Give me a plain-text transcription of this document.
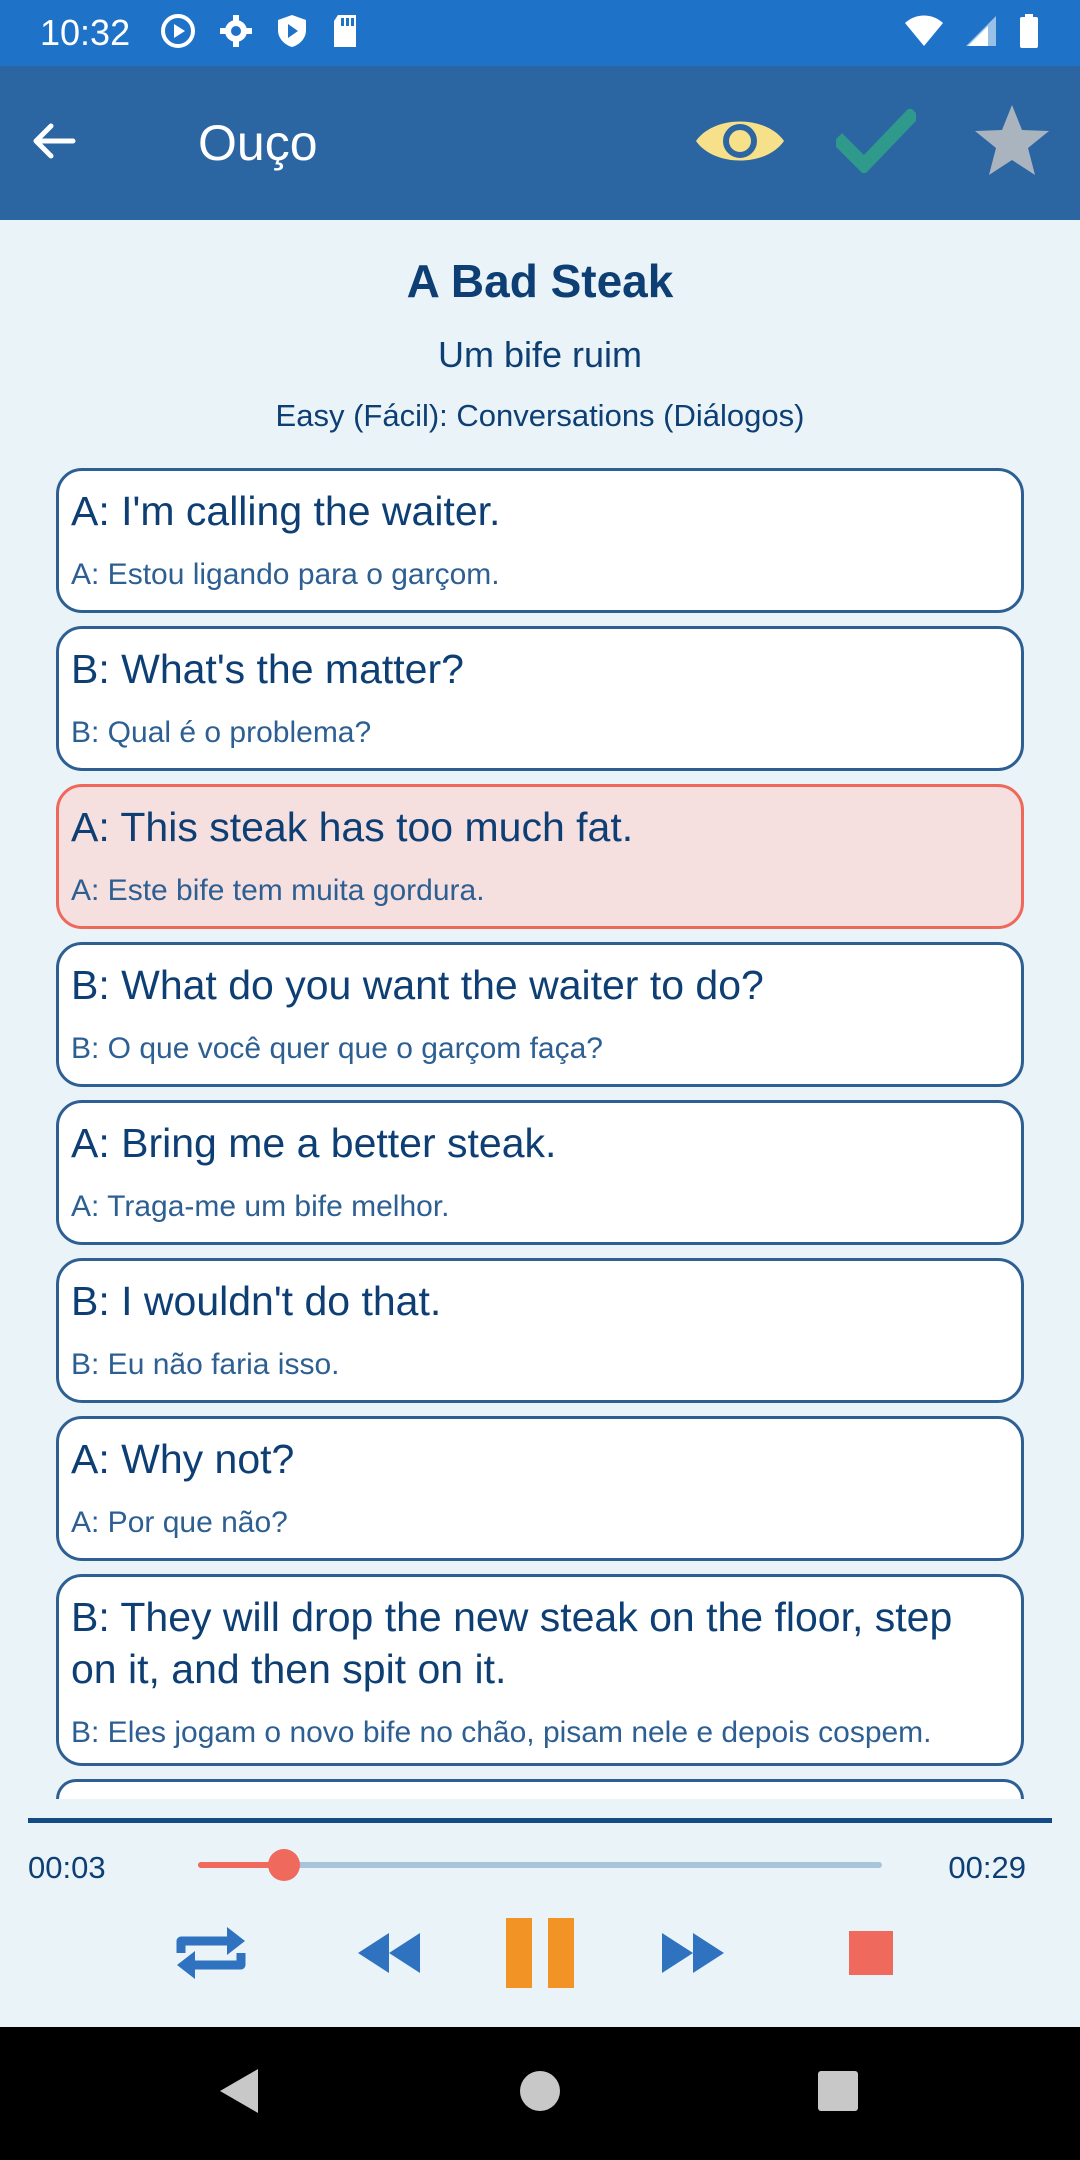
10:32
Ouço
A Bad Steak
Um bife ruim
Easy (Fácil): Conversations (Diálogos)
A: I'm calling the waiter.
A: Estou ligando para o garçom.
B: What's the matter?
B: Qual é o problema?
A: This steak has too much fat.
A: Este bife tem muita gordura.
B: What do you want the waiter to do?
B: O que você quer que o garçom faça?
A: Bring me a better steak.
A: Traga-me um bife melhor.
B: I wouldn't do that.
B: Eu não faria isso.
A: Why not?
A: Por que não?
B: They will drop the new steak on the floor, step on it, and then spit on it.
B: Eles jogam o novo bife no chão, pisam nele e depois cospem.
00:03	00:29
